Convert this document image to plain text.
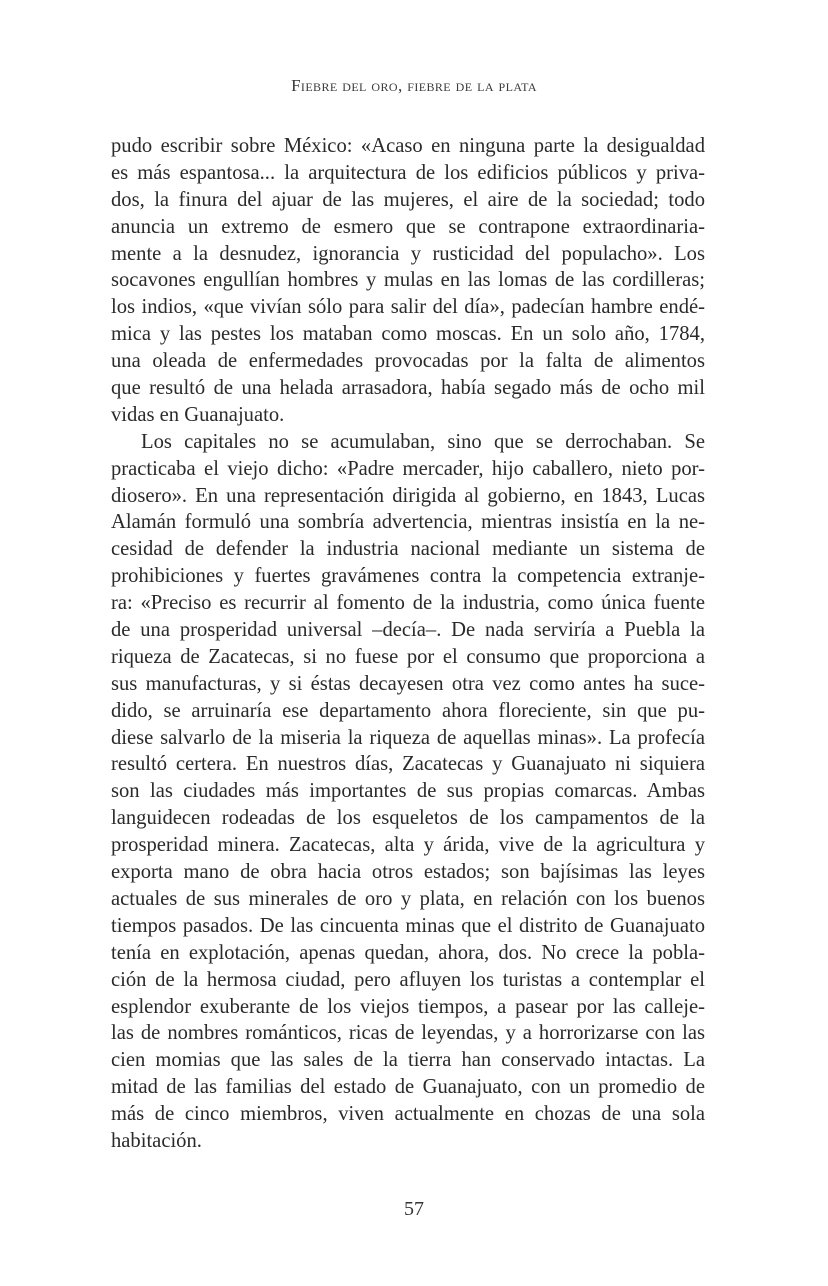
Fiebre del oro, fiebre de la plata
pudo escribir sobre México: «Acaso en ninguna parte la desigualdad
es más espantosa... la arquitectura de los edificios públicos y priva-
dos, la finura del ajuar de las mujeres, el aire de la sociedad; todo
anuncia un extremo de esmero que se contrapone extraordinaria-
mente a la desnudez, ignorancia y rusticidad del populacho». Los
socavones engullían hombres y mulas en las lomas de las cordilleras;
los indios, «que vivían sólo para salir del día», padecían hambre endé-
mica y las pestes los mataban como moscas. En un solo año, 1784,
una oleada de enfermedades provocadas por la falta de alimentos
que resultó de una helada arrasadora, había segado más de ocho mil
vidas en Guanajuato.
Los capitales no se acumulaban, sino que se derrochaban. Se
practicaba el viejo dicho: «Padre mercader, hijo caballero, nieto por-
diosero». En una representación dirigida al gobierno, en 1843, Lucas
Alamán formuló una sombría advertencia, mientras insistía en la ne-
cesidad de defender la industria nacional mediante un sistema de
prohibiciones y fuertes gravámenes contra la competencia extranje-
ra: «Preciso es recurrir al fomento de la industria, como única fuente
de una prosperidad universal –decía–. De nada serviría a Puebla la
riqueza de Zacatecas, si no fuese por el consumo que proporciona a
sus manufacturas, y si éstas decayesen otra vez como antes ha suce-
dido, se arruinaría ese departamento ahora floreciente, sin que pu-
diese salvarlo de la miseria la riqueza de aquellas minas». La profecía
resultó certera. En nuestros días, Zacatecas y Guanajuato ni siquiera
son las ciudades más importantes de sus propias comarcas. Ambas
languidecen rodeadas de los esqueletos de los campamentos de la
prosperidad minera. Zacatecas, alta y árida, vive de la agricultura y
exporta mano de obra hacia otros estados; son bajísimas las leyes
actuales de sus minerales de oro y plata, en relación con los buenos
tiempos pasados. De las cincuenta minas que el distrito de Guanajuato
tenía en explotación, apenas quedan, ahora, dos. No crece la pobla-
ción de la hermosa ciudad, pero afluyen los turistas a contemplar el
esplendor exuberante de los viejos tiempos, a pasear por las calleje-
las de nombres románticos, ricas de leyendas, y a horrorizarse con las
cien momias que las sales de la tierra han conservado intactas. La
mitad de las familias del estado de Guanajuato, con un promedio de
más de cinco miembros, viven actualmente en chozas de una sola
habitación.
57
